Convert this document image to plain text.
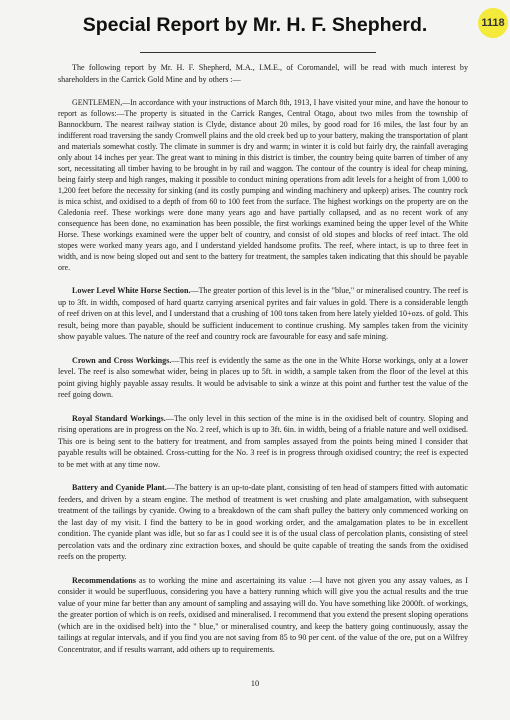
Special Report by Mr. H. F. Shepherd.	1118

The following report by Mr. H. F. Shepherd, M.A., I.M.E., of Coromandel, will be read with much interest by shareholders in the Carrick Gold Mine and by others :—

GENTLEMEN,—In accordance with your instructions of March 8th, 1913, I have visited your mine, and have the honour to report as follows:—The property is situated in the Carrick Ranges, Central Otago, about two miles from the township of Bannockburn. The nearest railway station is Clyde, distance about 20 miles, by good road for 16 miles, the last four by an indifferent road traversing the sandy Cromwell plains and the old creek bed up to your battery, making the transportation of plant and materials somewhat costly. The climate in summer is dry and warm; in winter it is cold but fairly dry, the rainfall averaging only about 14 inches per year. The great want to mining in this district is timber, the country being quite barren of timber of any sort, necessitating all timber having to be brought in by rail and waggon. The contour of the country is ideal for cheap mining, being fairly steep and high ranges, making it possible to conduct mining operations from adit levels for a height of from 1,000 to 1,200 feet before the necessity for sinking (and its costly pumping and winding machinery and upkeep) arises. The country rock is mica schist, and oxidised to a depth of from 60 to 100 feet from the surface. The highest workings on the property are on the Caledonia reef. These workings were done many years ago and have partially collapsed, and as no recent work of any consequence has been done, no examination has been possible, the first workings examined being the upper level of the White Horse. These workings examined were the upper belt of country, and consist of old stopes and blocks of reef intact. The old stopes were worked many years ago, and I understand yielded handsome profits. The reef, where intact, is up to three feet in width, and is now being sloped out and sent to the battery for treatment, the samples taken indicating that this should be payable ore.

Lower Level White Horse Section.—The greater portion of this level is in the "blue," or mineralised country. The reef is up to 3ft. in width, composed of hard quartz carrying arsenical pyrites and fair values in gold. There is a considerable length of reef driven on at this level, and I understand that a crushing of 100 tons taken from here lately yielded 10+ozs. of gold. This result, being more than payable, should be sufficient inducement to continue crushing. My samples taken from the vicinity show payable values. The nature of the reef and country rock are favourable for easy and safe mining.

Crown and Cross Workings.—This reef is evidently the same as the one in the White Horse workings, only at a lower level. The reef is also somewhat wider, being in places up to 5ft. in width, a sample taken from the floor of the level at this point giving highly payable assay results. It would be advisable to sink a winze at this point and further test the value of the reef going down.

Royal Standard Workings.—The only level in this section of the mine is in the oxidised belt of country. Sloping and rising operations are in progress on the No. 2 reef, which is up to 3ft. 6in. in width, being of a friable nature and well oxidised. This ore is being sent to the battery for treatment, and from samples assayed from the points being mined I consider that payable results will be obtained. Cross-cutting for the No. 3 reef is in progress through oxidised country; the reef is expected to be met with at any time now.

Battery and Cyanide Plant.—The battery is an up-to-date plant, consisting of ten head of stampers fitted with automatic feeders, and driven by a steam engine. The method of treatment is wet crushing and plate amalgamation, with subsequent treatment of the tailings by cyanide. Owing to a breakdown of the cam shaft pulley the battery only commenced working on the last day of my visit. I find the battery to be in good working order, and the amalgamation plates to be in excellent condition. The cyanide plant was idle, but so far as I could see it is of the usual class of percolation plants, consisting of steel percolation vats and the ordinary zinc extraction boxes, and should be quite capable of treating the sands from the oxidised reefs on the property.

Recommendations as to working the mine and ascertaining its value :—I have not given you any assay values, as I consider it would be superfluous, considering you have a battery running which will give you the actual results and the true value of your mine far better than any amount of sampling and assaying will do. You have something like 2000ft. of workings, the greater portion of which is on reefs, oxidised and mineralised. I recommend that you extend the present sloping operations (which are in the oxidised belt) into the " blue," or mineralised country, and keep the battery going continuously, assay the tailings at regular intervals, and if you find you are not saving from 85 to 90 per cent. of the value of the ore, put on a Wilfrey Concentrator, and if results warrant, add others up to requirements.

10
